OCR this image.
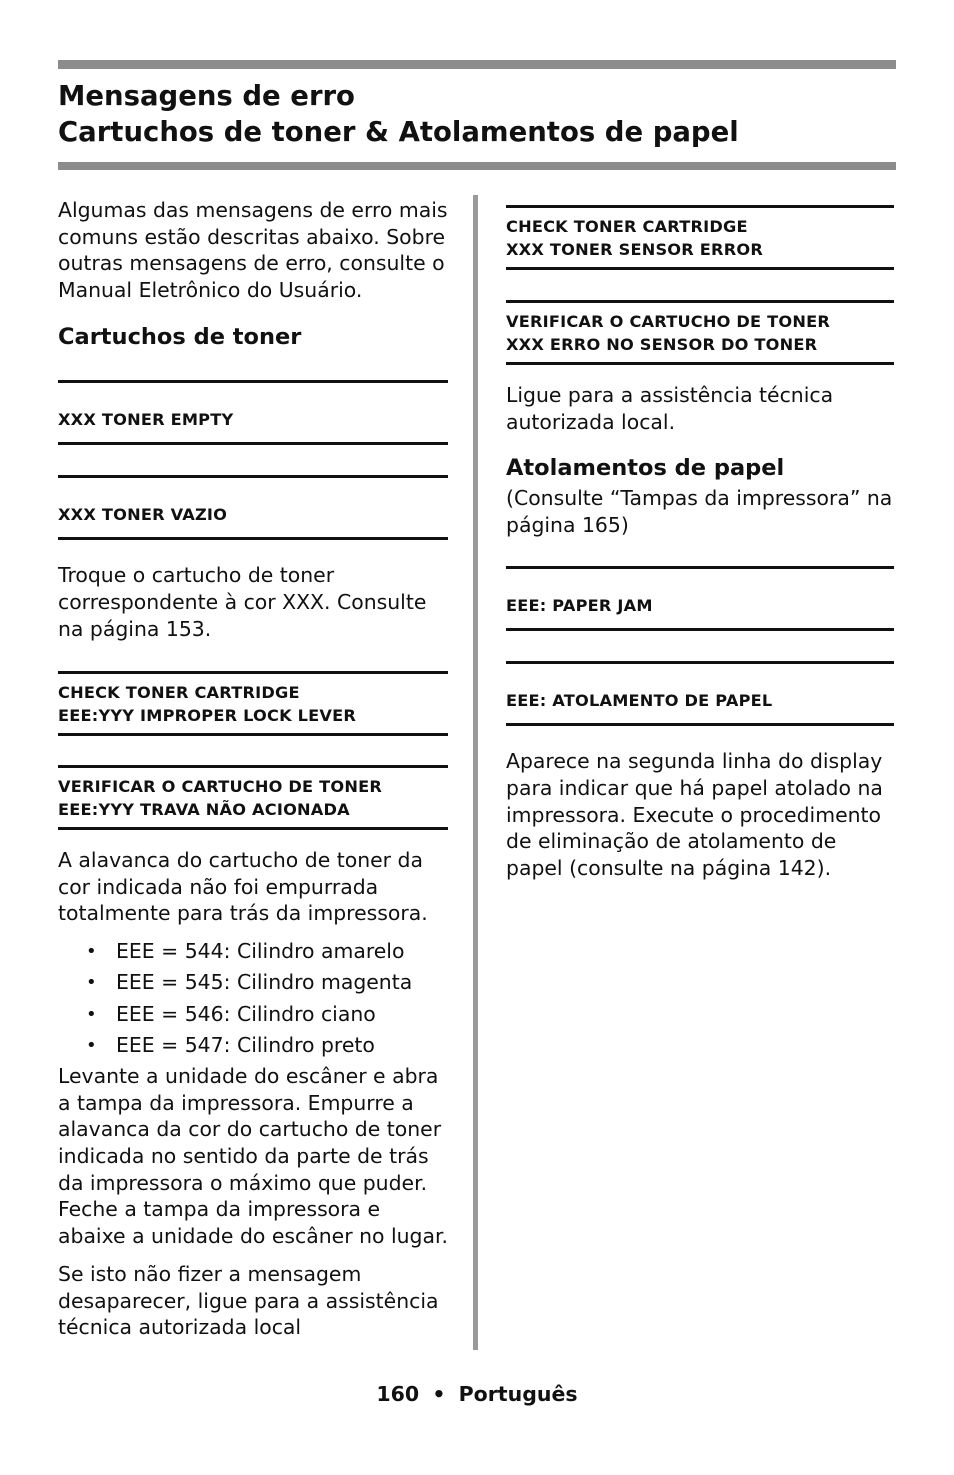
Mensagens de erro
Cartuchos de toner & Atolamentos de papel

Algumas das mensagens de erro mais comuns estão descritas abaixo. Sobre outras mensagens de erro, consulte o Manual Eletrônico do Usuário.

Cartuchos de toner
XXX TONER EMPTY
XXX TONER VAZIO

Troque o cartucho de toner correspondente à cor XXX. Consulte na página 153.

CHECK TONER CARTRIDGE
EEE:YYY IMPROPER LOCK LEVER
VERIFICAR O CARTUCHO DE TONER
EEE:YYY TRAVA NÃO ACIONADA

A alavanca do cartucho de toner da cor indicada não foi empurrada totalmente para trás da impressora.

• EEE = 544: Cilindro amarelo
• EEE = 545: Cilindro magenta
• EEE = 546: Cilindro ciano
• EEE = 547: Cilindro preto

Levante a unidade do escâner e abra a tampa da impressora. Empurre a alavanca da cor do cartucho de toner indicada no sentido da parte de trás da impressora o máximo que puder. Feche a tampa da impressora e abaixe a unidade do escâner no lugar.

Se isto não fizer a mensagem desaparecer, ligue para a assistência técnica autorizada local

CHECK TONER CARTRIDGE
XXX TONER SENSOR ERROR
VERIFICAR O CARTUCHO DE TONER
XXX ERRO NO SENSOR DO TONER

Ligue para a assistência técnica autorizada local.

Atolamentos de papel

(Consulte “Tampas da impressora” na página 165)

EEE: PAPER JAM
EEE: ATOLAMENTO DE PAPEL

Aparece na segunda linha do display para indicar que há papel atolado na impressora. Execute o procedimento de eliminação de atolamento de papel (consulte na página 142).

160 • Português
